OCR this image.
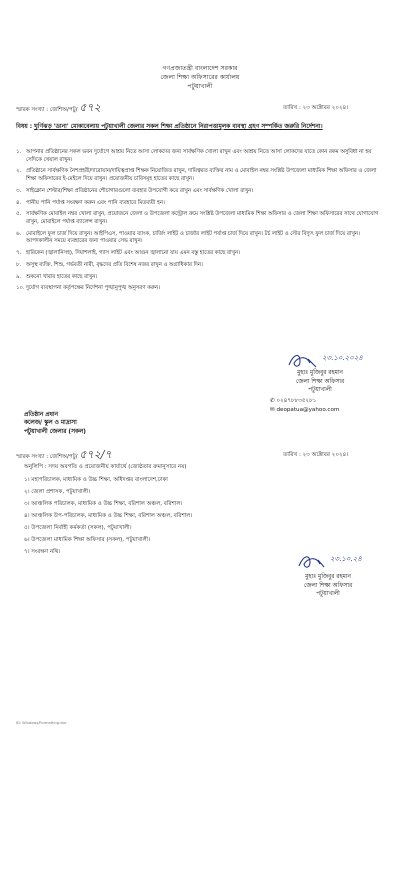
গণপ্রজাতন্ত্রী বাংলাদেশ সরকার
জেলা শিক্ষা অফিসারের কার্যালয়
পটুয়াখালী
স্মারক সংখ্যা : জেশিঅ/পটু/ ৫৭২	তারিখ : ২৩ অক্টোবর ২০২৪।
বিষয় : ঘূর্ণিঝড় 'ডানা' মোকাবেলায় পটুয়াখালী জেলার সকল শিক্ষা প্রতিষ্ঠানে নিরাপত্তামূলক ব্যবস্থা গ্রহণ সম্পর্কিত জরুরি নির্দেশনা।
১. আপনার প্রতিষ্ঠানের সকল ভবন দুর্যোগে আশ্রয় নিতে আসা লোকদের জন্য সার্বক্ষণিক খোলা রাখুন এবং আশ্রয় নিতে আসা লোকদের যাতে কোন রকম অসুবিধা না হয় সেদিকে খেয়াল রাখুন।
২. প্রতিষ্ঠানে সার্বক্ষণিক নৈশপ্রহরী/দারোয়ান/দায়িত্বপ্রাপ্ত শিক্ষক নিয়োজিত রাখুন, দায়িত্বরত ব্যক্তির নাম ও মোবাইল নম্বর সংশ্লিষ্ট উপজেলা মাধ্যমিক শিক্ষা অফিসার ও জেলা শিক্ষা অফিসারের ই-মেইলে দিয়ে রাখুন। প্রয়োজনীয় চাবিসমূহ হাতের কাছে রাখুন।
৩. সাইক্লোন শেল্টার/শিক্ষা প্রতিষ্ঠানের শৌচাগারগুলো ব্যবহার উপযোগী করে রাখুন এবং সার্বক্ষণিক খোলা রাখুন।
৪. পানীয় পানি পর্যাপ্ত সংরক্ষণ করুন এবং পানি ব্যবহারে মিতব্যয়ী হন।
৫. সার্বক্ষণিক মোবাইল নম্বর খোলা রাখুন, প্রয়োজনে জেলা ও উপজেলা কন্ট্রোল রুমে সংশ্লিষ্ট উপজেলা মাধ্যমিক শিক্ষা অফিসার ও জেলা শিক্ষা অফিসারের সাথে যোগাযোগ রাখুন, মোবাইলে পর্যাপ্ত ব্যালেন্স রাখুন।
৬. মোবাইলে ফুল চার্জ দিয়ে রাখুন। আইপিএস, পাওয়ার ব্যাংক, চার্জিং লাইট ও চার্জার লাইট পর্যাপ্ত চার্জ দিয়ে রাখুন। টর্চ লাইট ও সৌর বিদ্যুৎ ফুল চার্জ দিয়ে রাখুন। আপদকালীন সময়ে ব্যবহারের জন্য পাওয়ার সেভ রাখুন।
৭. হারিকেন (জ্বালানিসহ), দিয়াশলাই, গ্যাস লাইট এবং আগুন জ্বালানো যায় এমন বস্তু হাতের কাছে রাখুন।
৮. অসুস্থ ব্যক্তি, শিশু, গর্ভবতী নারী, বৃদ্ধদের প্রতি বিশেষ নজর রাখুন ও অগ্রাধিকার দিন।
৯. শুকনো খাবার হাতের কাছে রাখুন।
১০. দুর্যোগ ব্যবস্থাপনা কর্তৃপক্ষের নির্দেশনা পুঙ্খানুপুঙ্খ অনুসরণ করুন।
২৩.১০.২০২৪
মুহাঃ মুজিবুর রহমান
জেলা শিক্ষা অফিসার
পটুয়াখালী
✆ ০২৪৭৮৮৩৫২৮১
✉ deopatua@yahoo.com
প্রতিষ্ঠান প্রধান
কলেজ/ স্কুল ও মাদ্রাসা
পটুয়াখালী জেলার (সকল)
স্মারক সংখ্যা : জেশিঅ/পটু/ ৫৭২/৭	তারিখ : ২৩ অক্টোবর ২০২৪।
অনুলিপি : সদয় অবগতি ও প্রয়োজনীয় কার্যার্থে (জ্যেষ্ঠতার ক্রমানুসারে নয়)
১। মহাপরিচালক, মাধ্যমিক ও উচ্চ শিক্ষা, অধিদপ্তর বাংলাদেশ,ঢাকা
২। জেলা প্রশাসক, পটুয়াখালী।
৩। আঞ্চলিক পরিচালক, মাধ্যমিক ও উচ্চ শিক্ষা, বরিশাল অঞ্চল, বরিশাল।
৪। আঞ্চলিক উপ-পরিচালক, মাধ্যমিক ও উচ্চ শিক্ষা, বরিশাল অঞ্চল, বরিশাল।
৫। উপজেলা নির্বাহী কর্মকর্তা (সকল), পটুয়াখালী।
৬। উপজেলা মাধ্যমিক শিক্ষা অফিসার (সকল), পটুয়াখালী।
৭। সংরক্ষণ নথি।
২৩.১০.২৪
মুহাঃ মুজিবুর রহমান
জেলা শিক্ষা অফিসার
পটুয়াখালী
ID: Windows/Formatting.doc
